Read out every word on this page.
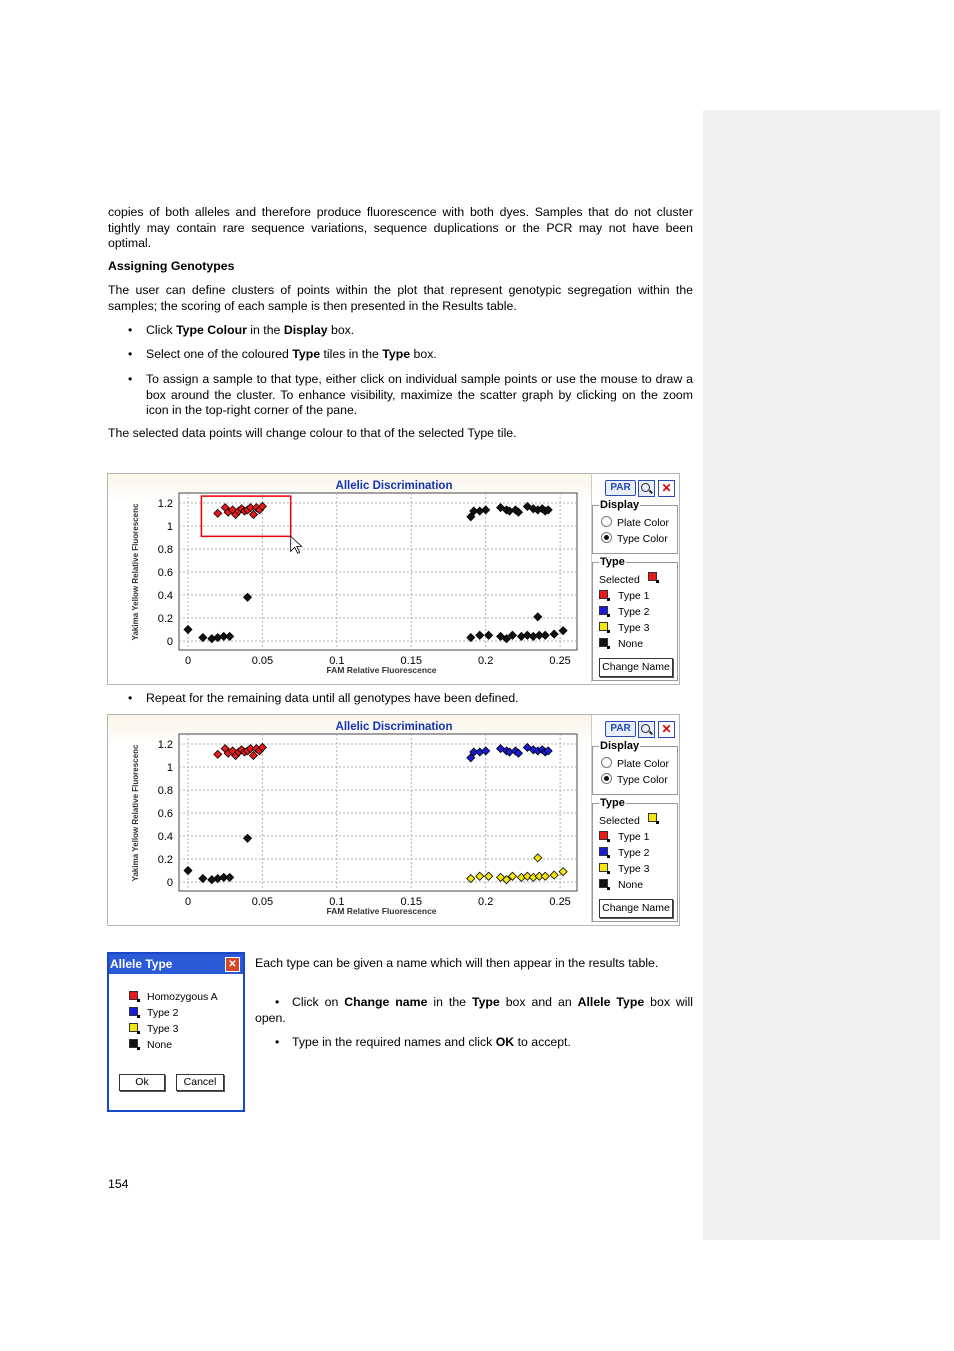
copies of both alleles and therefore produce fluorescence with both dyes. Samples that do not cluster tightly may contain rare sequence variations, sequence duplications or the PCR may not have been optimal.
Assigning Genotypes
The user can define clusters of points within the plot that represent genotypic segregation within the samples; the scoring of each sample is then presented in the Results table.
• Click Type Colour in the Display box.
• Select one of the coloured Type tiles in the Type box.
• To assign a sample to that type, either click on individual sample points or use the mouse to draw a box around the cluster. To enhance visibility, maximize the scatter graph by clicking on the zoom icon in the top-right corner of the pane.
The selected data points will change colour to that of the selected Type tile.
Allelic Discrimination	PAR	✕
0	0.05	0.1	0.15	0.2	0.25
0
0.2
0.4
0.6
0.8
1
1.2
FAM Relative Fluorescence
Yakima Yellow Relative Fluorescenc	Display
Plate Color
Type Color
Type
Selected
Type 1
Type 2
Type 3
None
Change Name
• Repeat for the remaining data until all genotypes have been defined.
Allelic Discrimination	PAR	✕
0	0.05	0.1	0.15	0.2	0.25
0
0.2
0.4
0.6
0.8
1
1.2
FAM Relative Fluorescence
Yakima Yellow Relative Fluorescenc	Display
Plate Color
Type Color
Type
Selected
Type 1
Type 2
Type 3
None
Change Name
Allele Type	✕
Homozygous A
Type 2
Type 3
None
Ok	Cancel
Each type can be given a name which will then appear in the results table.
•	Click on Change name in the Type box and an Allele Type box will open.
• Type in the required names and click OK to accept.
154
